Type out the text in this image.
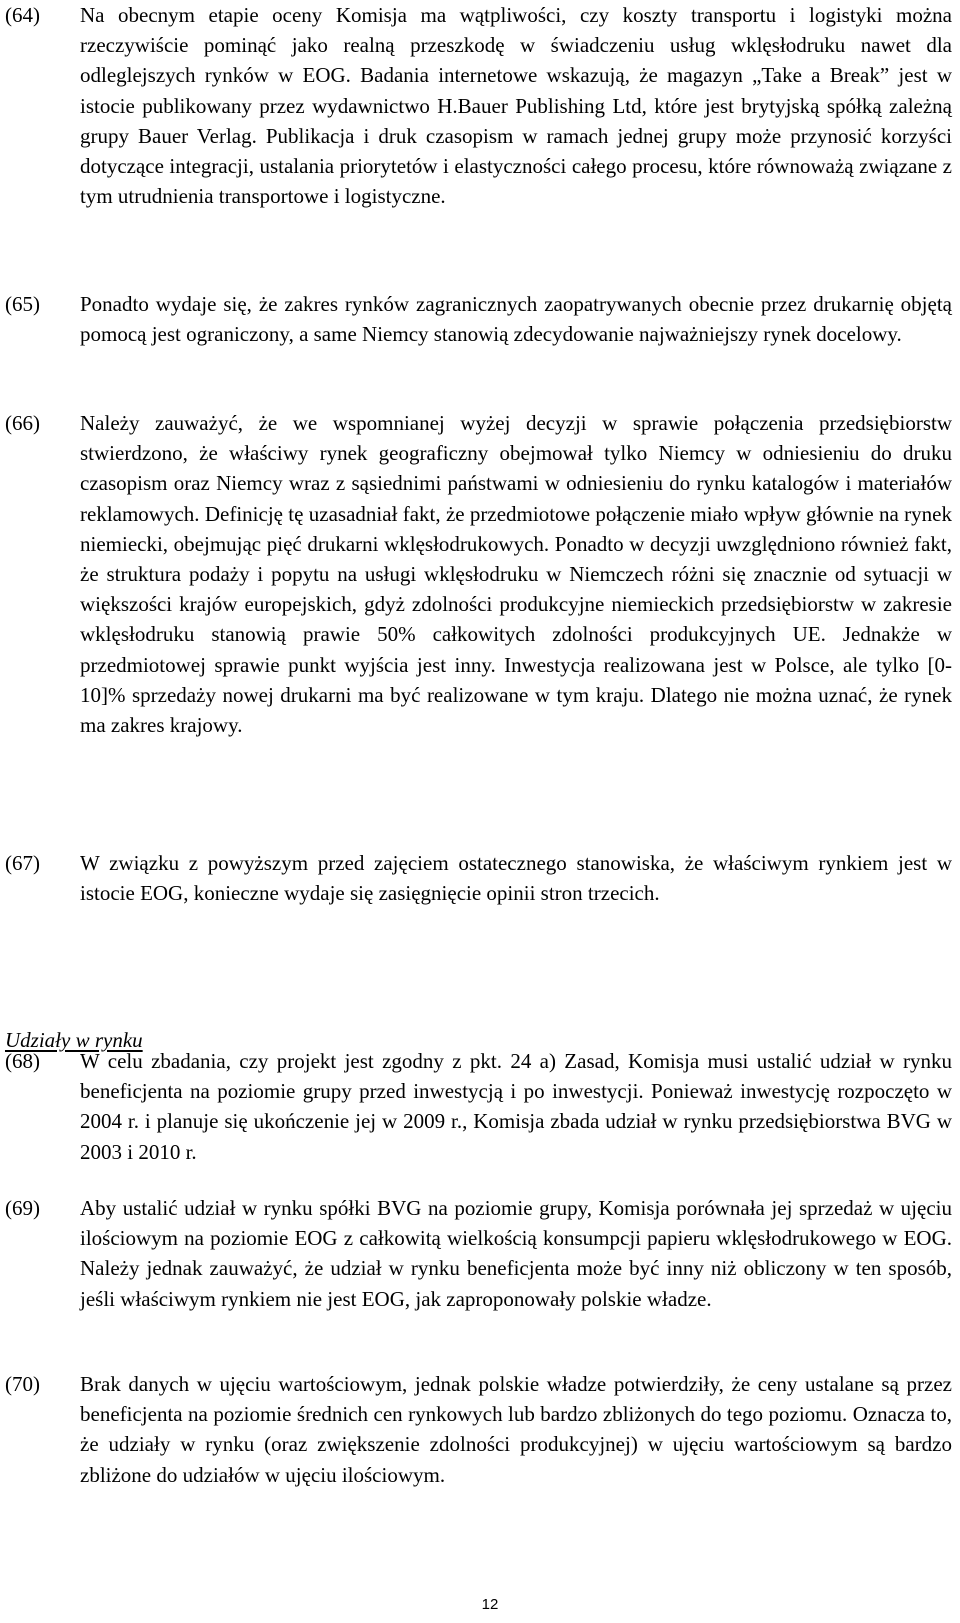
(64) Na obecnym etapie oceny Komisja ma wątpliwości, czy koszty transportu i logistyki można rzeczywiście pominąć jako realną przeszkodę w świadczeniu usług wklęsłodruku nawet dla odleglejszych rynków w EOG. Badania internetowe wskazują, że magazyn „Take a Break” jest w istocie publikowany przez wydawnictwo H.Bauer Publishing Ltd, które jest brytyjską spółką zależną grupy Bauer Verlag. Publikacja i druk czasopism w ramach jednej grupy może przynosić korzyści dotyczące integracji, ustalania priorytetów i elastyczności całego procesu, które równoważą związane z tym utrudnienia transportowe i logistyczne.
(65) Ponadto wydaje się, że zakres rynków zagranicznych zaopatrywanych obecnie przez drukarnię objętą pomocą jest ograniczony, a same Niemcy stanowią zdecydowanie najważniejszy rynek docelowy.
(66) Należy zauważyć, że we wspomnianej wyżej decyzji w sprawie połączenia przedsiębiorstw stwierdzono, że właściwy rynek geograficzny obejmował tylko Niemcy w odniesieniu do druku czasopism oraz Niemcy wraz z sąsiednimi państwami w odniesieniu do rynku katalogów i materiałów reklamowych. Definicję tę uzasadniał fakt, że przedmiotowe połączenie miało wpływ głównie na rynek niemiecki, obejmując pięć drukarni wklęsłodrukowych. Ponadto w decyzji uwzględniono również fakt, że struktura podaży i popytu na usługi wklęsłodruku w Niemczech różni się znacznie od sytuacji w większości krajów europejskich, gdyż zdolności produkcyjne niemieckich przedsiębiorstw w zakresie wklęsłodruku stanowią prawie 50% całkowitych zdolności produkcyjnych UE. Jednakże w przedmiotowej sprawie punkt wyjścia jest inny. Inwestycja realizowana jest w Polsce, ale tylko [0-10]% sprzedaży nowej drukarni ma być realizowane w tym kraju. Dlatego nie można uznać, że rynek ma zakres krajowy.
(67) W związku z powyższym przed zajęciem ostatecznego stanowiska, że właściwym rynkiem jest w istocie EOG, konieczne wydaje się zasięgnięcie opinii stron trzecich.
Udziały w rynku
(68) W celu zbadania, czy projekt jest zgodny z pkt. 24 a) Zasad, Komisja musi ustalić udział w rynku beneficjenta na poziomie grupy przed inwestycją i po inwestycji. Ponieważ inwestycję rozpoczęto w 2004 r. i planuje się ukończenie jej w 2009 r., Komisja zbada udział w rynku przedsiębiorstwa BVG w 2003 i 2010 r.
(69) Aby ustalić udział w rynku spółki BVG na poziomie grupy, Komisja porównała jej sprzedaż w ujęciu ilościowym na poziomie EOG z całkowitą wielkością konsumpcji papieru wklęsłodrukowego w EOG. Należy jednak zauważyć, że udział w rynku beneficjenta może być inny niż obliczony w ten sposób, jeśli właściwym rynkiem nie jest EOG, jak zaproponowały polskie władze.
(70) Brak danych w ujęciu wartościowym, jednak polskie władze potwierdziły, że ceny ustalane są przez beneficjenta na poziomie średnich cen rynkowych lub bardzo zbliżonych do tego poziomu. Oznacza to, że udziały w rynku (oraz zwiększenie zdolności produkcyjnej) w ujęciu wartościowym są bardzo zbliżone do udziałów w ujęciu ilościowym.
12
